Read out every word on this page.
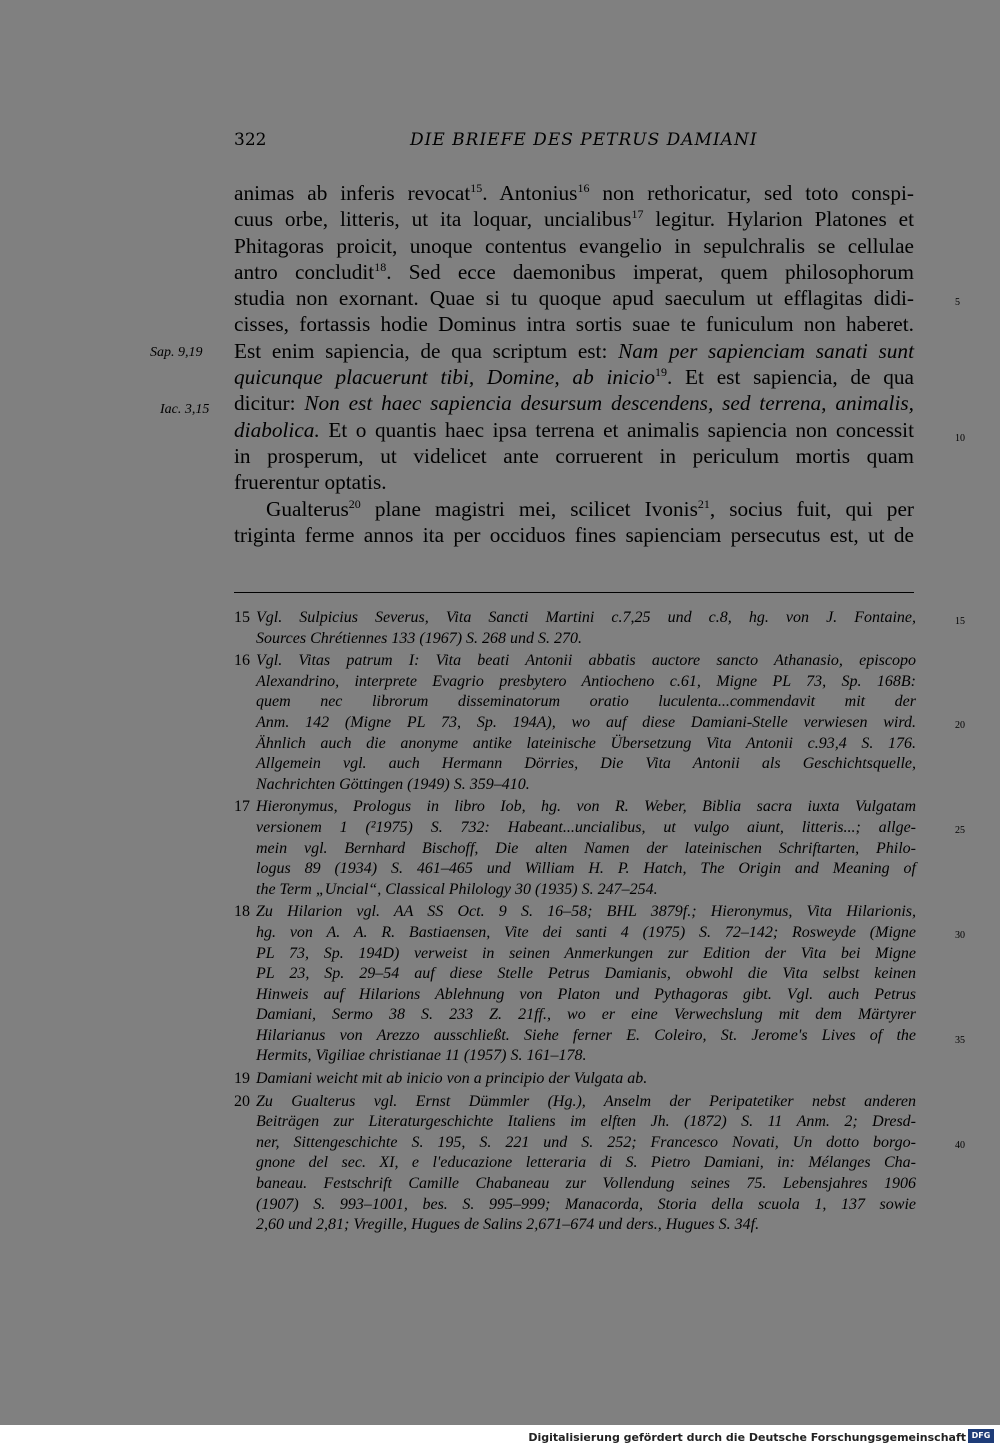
322	DIE BRIEFE DES PETRUS DAMIANI
Sap. 9,19
Iac. 3,15
5
10
15
20
25
30
35
40
animas ab inferis revocat$^{15}$. Antonius$^{16}$ non rethoricatur, sed toto conspi-
cuus orbe, litteris, ut ita loquar, uncialibus$^{17}$ legitur. Hylarion Platones et
Phitagoras proicit, unoque contentus evangelio in sepulchralis se cellulae
antro concludit$^{18}$. Sed ecce daemonibus imperat, quem philosophorum
studia non exornant. Quae si tu quoque apud saeculum ut efflagitas didi-
cisses, fortassis hodie Dominus intra sortis suae te funiculum non haberet.
Est enim sapiencia, de qua scriptum est: Nam per sapienciam sanati sunt
quicunque placuerunt tibi, Domine, ab inicio$^{19}$. Et est sapiencia, de qua
dicitur: Non est haec sapiencia desursum descendens, sed terrena, animalis,
diabolica. Et o quantis haec ipsa terrena et animalis sapiencia non concessit
in prosperum, ut videlicet ante corruerent in periculum mortis quam
fruerentur optatis.
Gualterus$^{20}$ plane magistri mei, scilicet Ivonis$^{21}$, socius fuit, qui per
triginta ferme annos ita per occiduos fines sapienciam persecutus est, ut de
15 Vgl. Sulpicius Severus, Vita Sancti Martini c.7,25 und c.8, hg. von J. Fontaine,
Sources Chrétiennes 133 (1967) S. 268 und S. 270.
16 Vgl. Vitas patrum I: Vita beati Antonii abbatis auctore sancto Athanasio, episcopo
Alexandrino, interprete Evagrio presbytero Antiocheno c.61, Migne PL 73, Sp. 168B:
quem nec librorum disseminatorum oratio luculenta...commendavit mit der
Anm. 142 (Migne PL 73, Sp. 194A), wo auf diese Damiani-Stelle verwiesen wird.
Ähnlich auch die anonyme antike lateinische Übersetzung Vita Antonii c.93,4 S. 176.
Allgemein vgl. auch Hermann Dörries, Die Vita Antonii als Geschichtsquelle,
Nachrichten Göttingen (1949) S. 359–410.
17 Hieronymus, Prologus in libro Iob, hg. von R. Weber, Biblia sacra iuxta Vulgatam
versionem 1 (²1975) S. 732: Habeant...uncialibus, ut vulgo aiunt, litteris...; allge-
mein vgl. Bernhard Bischoff, Die alten Namen der lateinischen Schriftarten, Philo-
logus 89 (1934) S. 461–465 und William H. P. Hatch, The Origin and Meaning of
the Term „Uncial“, Classical Philology 30 (1935) S. 247–254.
18 Zu Hilarion vgl. AA SS Oct. 9 S. 16–58; BHL 3879f.; Hieronymus, Vita Hilarionis,
hg. von A. A. R. Bastiaensen, Vite dei santi 4 (1975) S. 72–142; Rosweyde (Migne
PL 73, Sp. 194D) verweist in seinen Anmerkungen zur Edition der Vita bei Migne
PL 23, Sp. 29–54 auf diese Stelle Petrus Damianis, obwohl die Vita selbst keinen
Hinweis auf Hilarions Ablehnung von Platon und Pythagoras gibt. Vgl. auch Petrus
Damiani, Sermo 38 S. 233 Z. 21ff., wo er eine Verwechslung mit dem Märtyrer
Hilarianus von Arezzo ausschließt. Siehe ferner E. Coleiro, St. Jerome's Lives of the
Hermits, Vigiliae christianae 11 (1957) S. 161–178.
19 Damiani weicht mit ab inicio von a principio der Vulgata ab.
20 Zu Gualterus vgl. Ernst Dümmler (Hg.), Anselm der Peripatetiker nebst anderen
Beiträgen zur Literaturgeschichte Italiens im elften Jh. (1872) S. 11 Anm. 2; Dresd-
ner, Sittengeschichte S. 195, S. 221 und S. 252; Francesco Novati, Un dotto borgo-
gnone del sec. XI, e l'educazione letteraria di S. Pietro Damiani, in: Mélanges Cha-
baneau. Festschrift Camille Chabaneau zur Vollendung seines 75. Lebensjahres 1906
(1907) S. 993–1001, bes. S. 995–999; Manacorda, Storia della scuola 1, 137 sowie
2,60 und 2,81; Vregille, Hugues de Salins 2,671–674 und ders., Hugues S. 34f.
Digitalisierung gefördert durch die Deutsche Forschungsgemeinschaft DFG
